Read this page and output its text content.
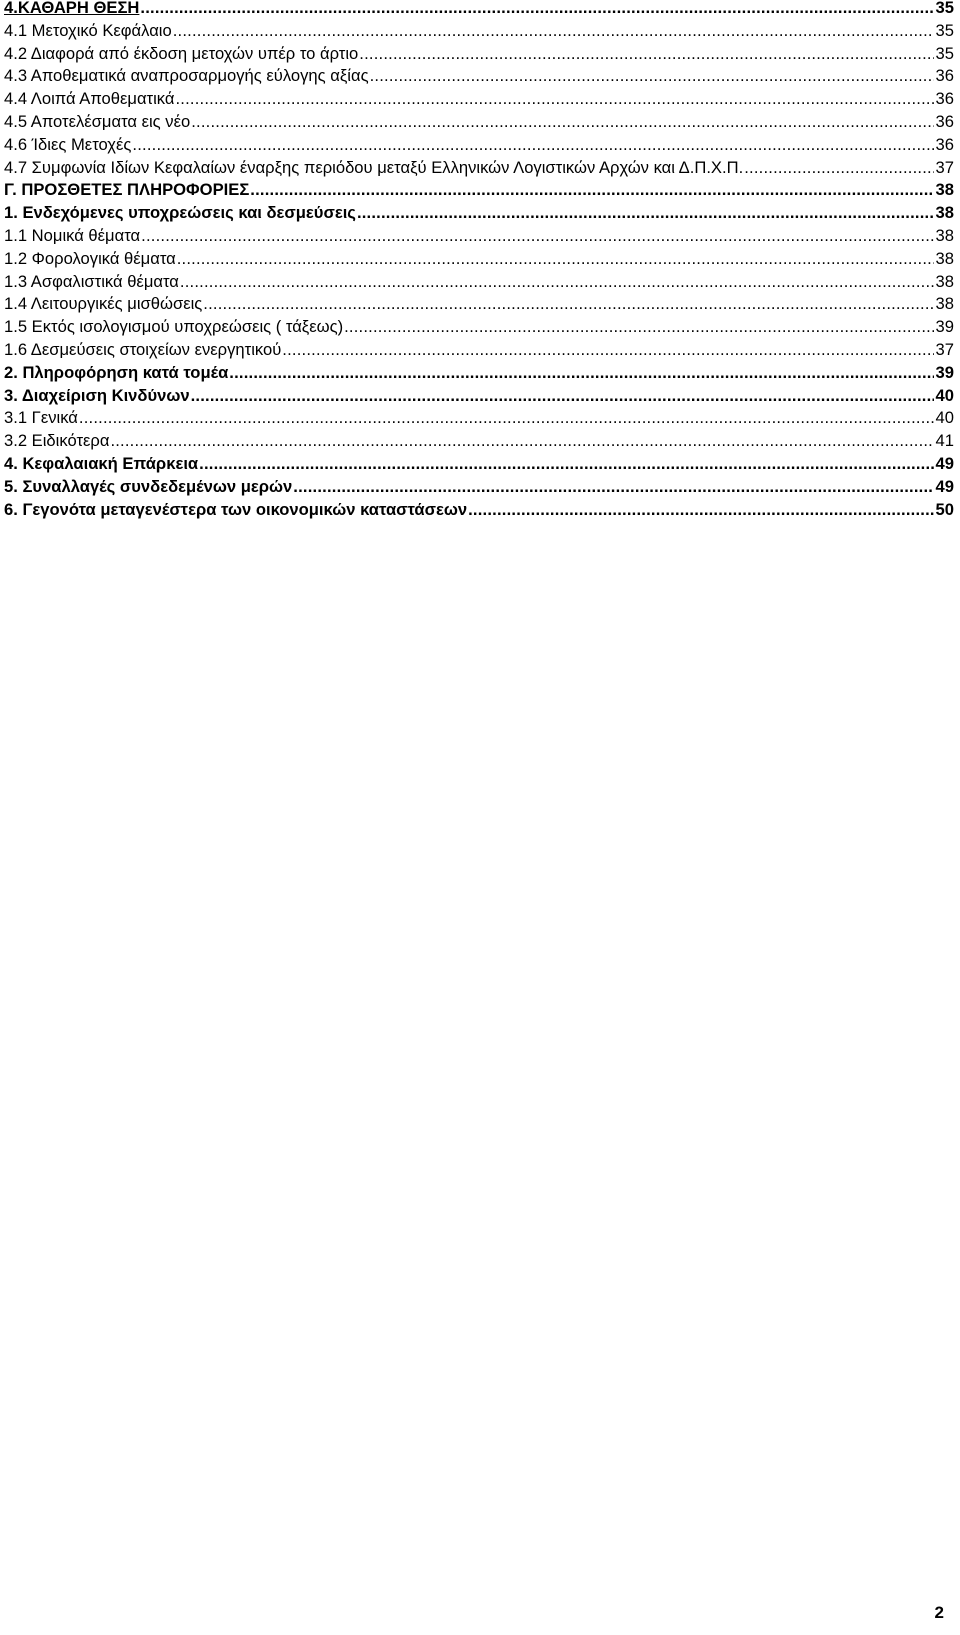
4.ΚΑΘΑΡΗ ΘΕΣΗ .....	35
4.1 Μετοχικό Κεφάλαιο .....	35
4.2 Διαφορά από έκδοση μετοχών υπέρ το άρτιο .....	35
4.3 Αποθεματικά αναπροσαρμογής εύλογης αξίας .....	36
4.4 Λοιπά Αποθεματικά .....	36
4.5 Αποτελέσματα εις νέο .....	36
4.6 Ίδιες Μετοχές .....	36
4.7 Συμφωνία Ιδίων Κεφαλαίων έναρξης περιόδου μεταξύ Ελληνικών Λογιστικών Αρχών και Δ.Π.Χ.Π. .....	37
Γ. ΠΡΟΣΘΕΤΕΣ ΠΛΗΡΟΦΟΡΙΕΣ .....	38
1. Ενδεχόμενες υποχρεώσεις και δεσμεύσεις .....	38
1.1 Νομικά θέματα .....	38
1.2 Φορολογικά θέματα .....	38
1.3 Ασφαλιστικά θέματα .....	38
1.4 Λειτουργικές μισθώσεις .....	38
1.5 Εκτός ισολογισμού υποχρεώσεις ( τάξεως) .....	39
1.6 Δεσμεύσεις στοιχείων ενεργητικού .....	37
2. Πληροφόρηση κατά τομέα .....	39
3. Διαχείριση Κινδύνων .....	40
3.1 Γενικά .....	40
3.2 Ειδικότερα .....	41
4. Κεφαλαιακή Επάρκεια .....	49
5. Συναλλαγές συνδεδεμένων μερών .....	49
6. Γεγονότα μεταγενέστερα των οικονομικών καταστάσεων .....	50
2
